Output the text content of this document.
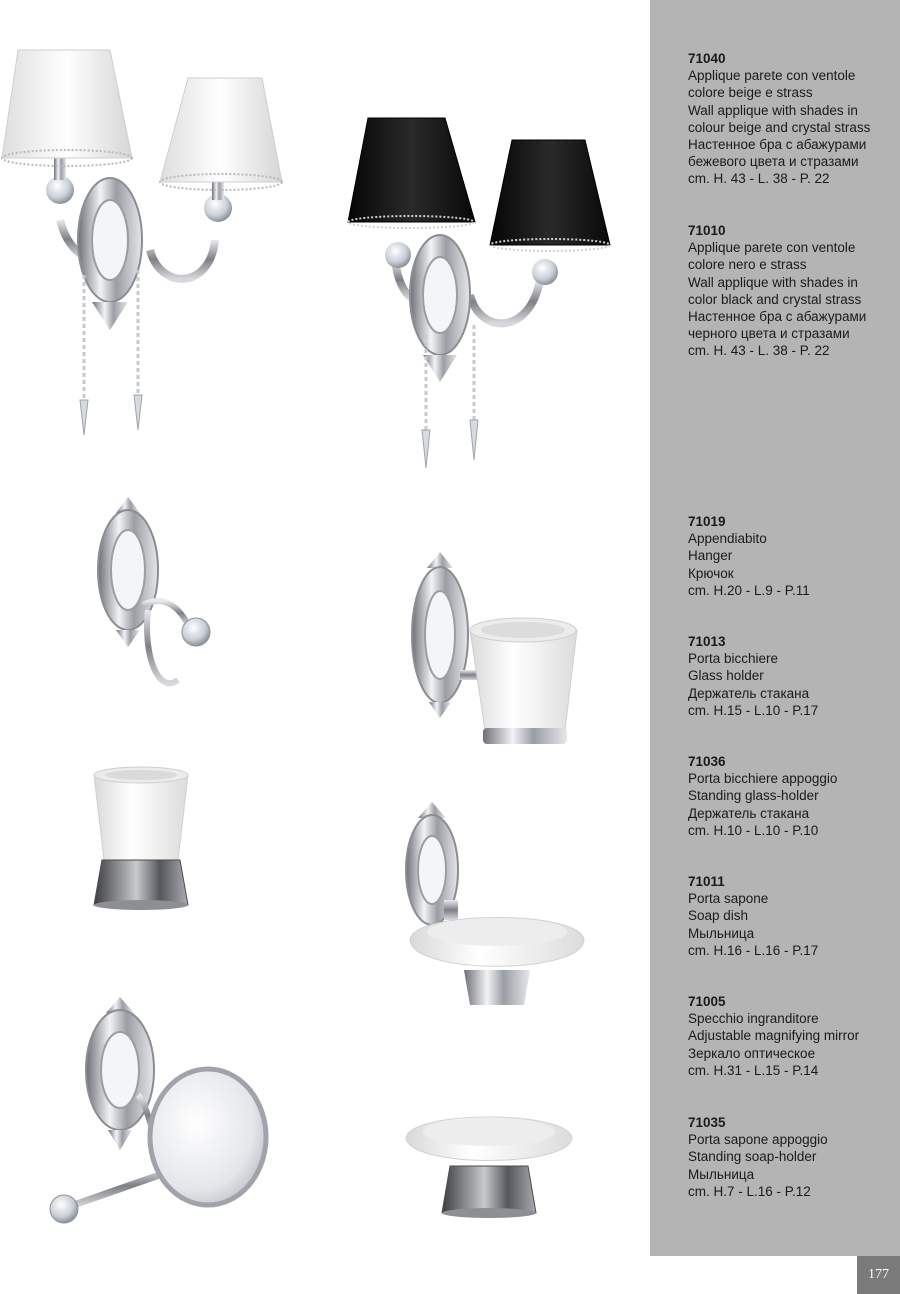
71040
Applique parete con ventole
colore beige e strass
Wall applique with shades in
colour beige and crystal strass
Настенное бра с абажурами
бежевого цвета и стразами
cm. H. 43 - L. 38 - P. 22
71010
Applique parete con ventole
colore nero e strass
Wall applique with shades in
color black and crystal strass
Настенное бра с абажурами
черного цвета и стразами
cm. H. 43 - L. 38 - P. 22
71019
Appendiabito
Hanger
Крючок
cm. H.20 - L.9 - P.11
71013
Porta bicchiere
Glass holder
Держатель стакана
cm. H.15 - L.10 - P.17
71036
Porta bicchiere appoggio
Standing glass-holder
Держатель стакана
cm. H.10 - L.10 - P.10
71011
Porta sapone
Soap dish
Мыльница
cm. H.16 - L.16 - P.17
71005
Specchio ingranditore
Adjustable magnifying mirror
Зеркало оптическое
cm. H.31 - L.15 - P.14
71035
Porta sapone appoggio
Standing soap-holder
Мыльница
cm. H.7 - L.16 - P.12
177
